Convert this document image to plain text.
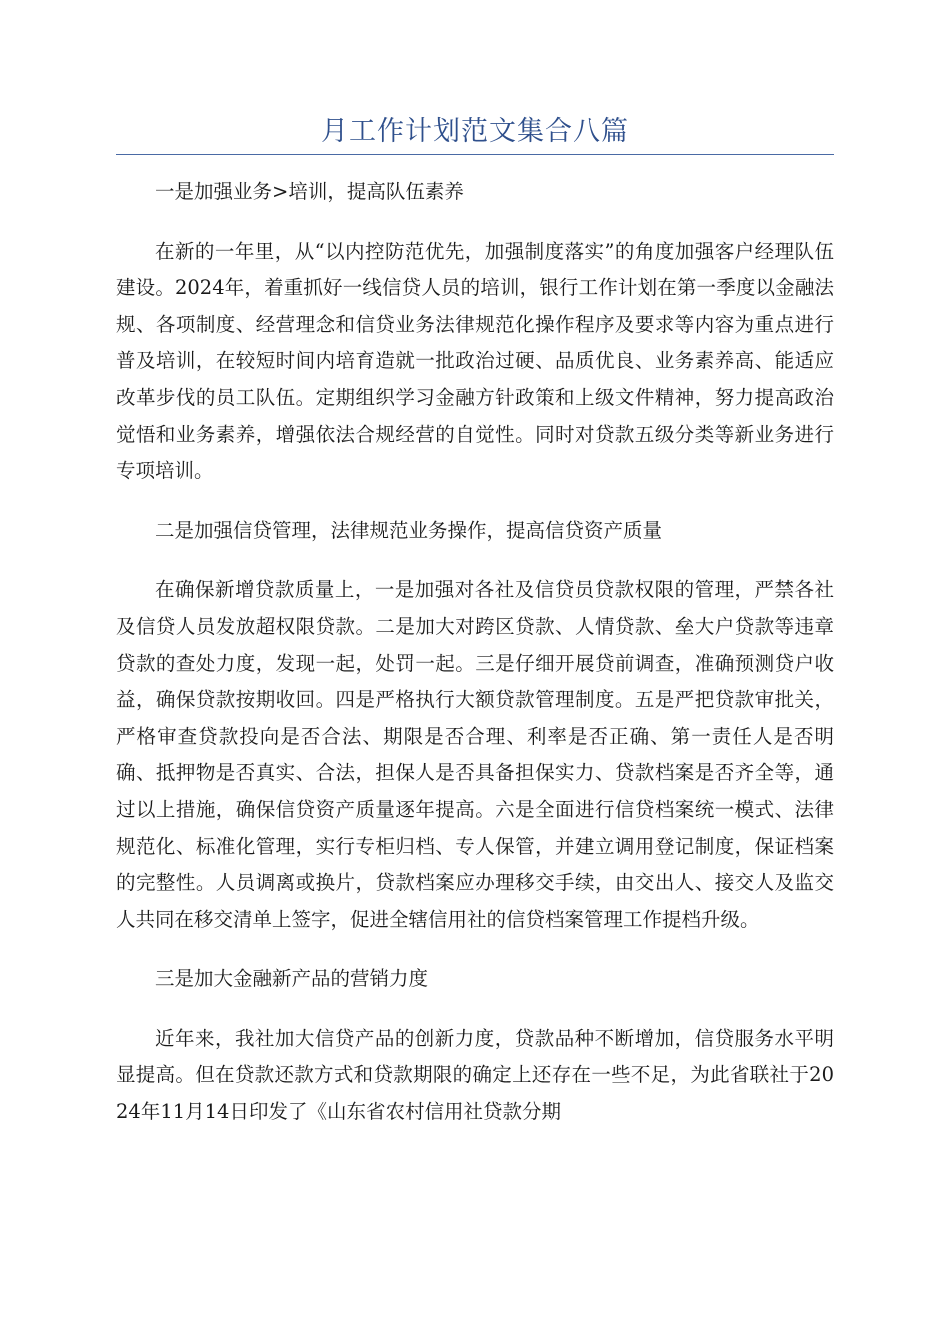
月工作计划范文集合八篇

一是加强业务>培训，提高队伍素养

在新的一年里，从“以内控防范优先，加强制度落实”的角度加强客户经理队伍建设。2024年，着重抓好一线信贷人员的培训，银行工作计划在第一季度以金融法规、各项制度、经营理念和信贷业务法律规范化操作程序及要求等内容为重点进行普及培训，在较短时间内培育造就一批政治过硬、品质优良、业务素养高、能适应改革步伐的员工队伍。定期组织学习金融方针政策和上级文件精神，努力提高政治觉悟和业务素养，增强依法合规经营的自觉性。同时对贷款五级分类等新业务进行专项培训。

二是加强信贷管理，法律规范业务操作，提高信贷资产质量

在确保新增贷款质量上，一是加强对各社及信贷员贷款权限的管理，严禁各社及信贷人员发放超权限贷款。二是加大对跨区贷款、人情贷款、垒大户贷款等违章贷款的查处力度，发现一起，处罚一起。三是仔细开展贷前调查，准确预测贷户收益，确保贷款按期收回。四是严格执行大额贷款管理制度。五是严把贷款审批关，严格审查贷款投向是否合法、期限是否合理、利率是否正确、第一责任人是否明确、抵押物是否真实、合法，担保人是否具备担保实力、贷款档案是否齐全等，通过以上措施，确保信贷资产质量逐年提高。六是全面进行信贷档案统一模式、法律规范化、标准化管理，实行专柜归档、专人保管，并建立调用登记制度，保证档案的完整性。人员调离或换片，贷款档案应办理移交手续，由交出人、接交人及监交人共同在移交清单上签字，促进全辖信用社的信贷档案管理工作提档升级。

三是加大金融新产品的营销力度

近年来，我社加大信贷产品的创新力度，贷款品种不断增加，信贷服务水平明显提高。但在贷款还款方式和贷款期限的确定上还存在一些不足，为此省联社于2024年11月14日印发了《山东省农村信用社贷款分期
